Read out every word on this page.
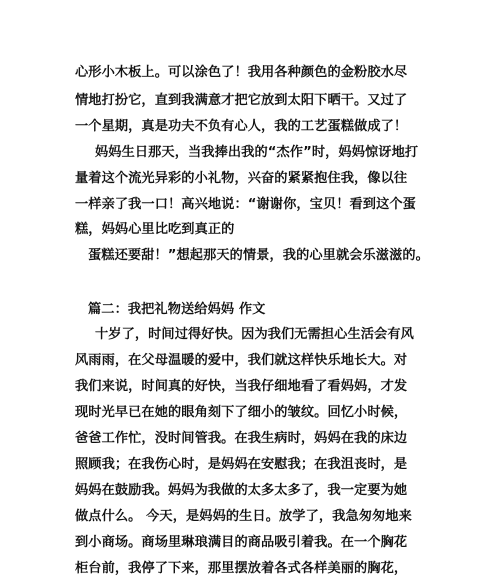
心形小木板上。可以涂色了！我用各种颜色的金粉胶水尽
情地打扮它，直到我满意才把它放到太阳下晒干。又过了
一个星期，真是功夫不负有心人，我的工艺蛋糕做成了！
妈妈生日那天，当我捧出我的“杰作”时，妈妈惊讶地打
量着这个流光异彩的小礼物，兴奋的紧紧抱住我，像以往
一样亲了我一口！高兴地说：“谢谢你，宝贝！看到这个蛋
糕，妈妈心里比吃到真正的
蛋糕还要甜！”想起那天的情景，我的心里就会乐滋滋的。
篇二：我把礼物送给妈妈 作文
十岁了，时间过得好快。因为我们无需担心生活会有风
风雨雨，在父母温暖的爱中，我们就这样快乐地长大。对
我们来说，时间真的好快，当我仔细地看了看妈妈，才发
现时光早已在她的眼角刻下了细小的皱纹。回忆小时候，
爸爸工作忙，没时间管我。在我生病时，妈妈在我的床边
照顾我；在我伤心时，是妈妈在安慰我；在我沮丧时，是
妈妈在鼓励我。妈妈为我做的太多太多了，我一定要为她
做点什么。 今天，是妈妈的生日。放学了，我急匆匆地来
到小商场。商场里琳琅满目的商品吸引着我。在一个胸花
柜台前，我停了下来，那里摆放着各式各样美丽的胸花，
